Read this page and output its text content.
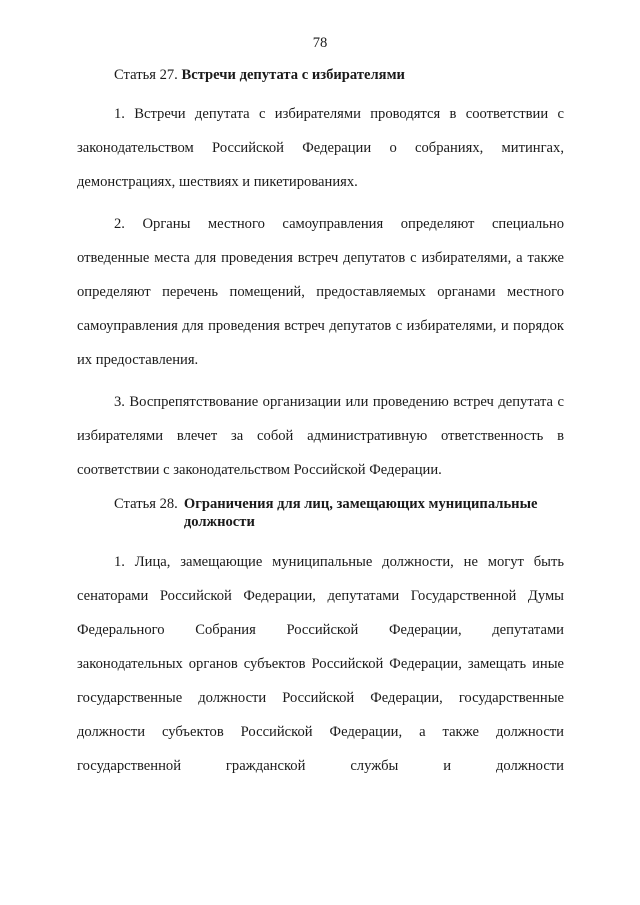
78
Статья 27. Встречи депутата с избирателями

1. Встречи депутата с избирателями проводятся в соответствии с законодательством Российской Федерации о собраниях, митингах, демонстрациях, шествиях и пикетированиях.

2. Органы местного самоуправления определяют специально отведенные места для проведения встреч депутатов с избирателями, а также определяют перечень помещений, предоставляемых органами местного самоуправления для проведения встреч депутатов с избирателями, и порядок их предоставления.

3. Воспрепятствование организации или проведению встреч депутата с избирателями влечет за собой административную ответственность в соответствии с законодательством Российской Федерации.

Статья 28. Ограничения для лиц, замещающих муниципальные должности

1. Лица, замещающие муниципальные должности, не могут быть сенаторами Российской Федерации, депутатами Государственной Думы Федерального Собрания Российской Федерации, депутатами законодательных органов субъектов Российской Федерации, замещать иные государственные должности Российской Федерации, государственные должности субъектов Российской Федерации, а также должности государственной гражданской службы и должности
